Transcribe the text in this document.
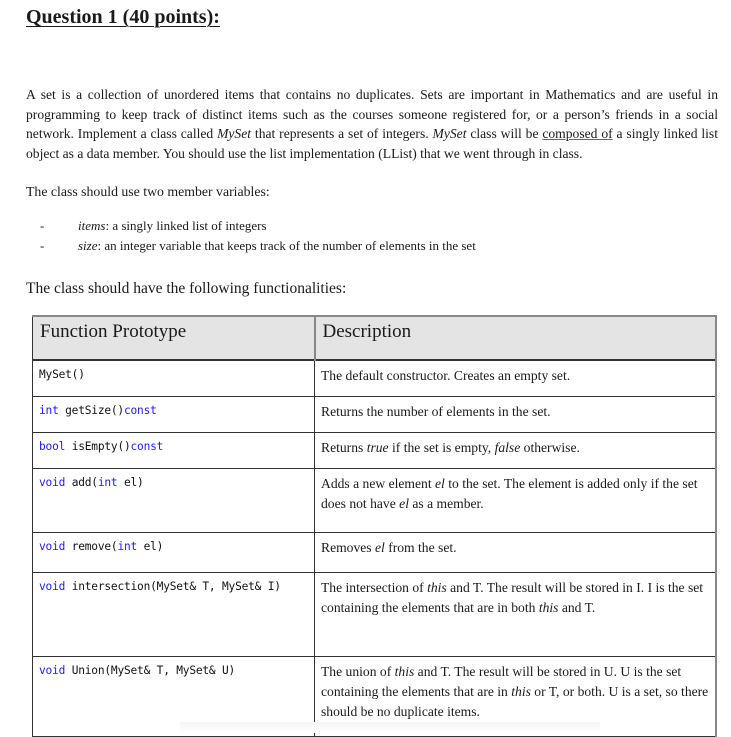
Question 1 (40 points):

A set is a collection of unordered items that contains no duplicates. Sets are important in Mathematics and are useful in programming to keep track of distinct items such as the courses someone registered for, or a person’s friends in a social network. Implement a class called MySet that represents a set of integers. MySet class will be composed of a singly linked list object as a data member. You should use the list implementation (LList) that we went through in class.

The class should use two member variables:

-	items: a singly linked list of integers
-	size: an integer variable that keeps track of the number of elements in the set

The class should have the following functionalities:

Function Prototype	Description
MySet()	The default constructor. Creates an empty set.
int getSize()const	Returns the number of elements in the set.
bool isEmpty()const	Returns true if the set is empty, false otherwise.
void add(int el)	Adds a new element el to the set. The element is added only if the set does not have el as a member.
void remove(int el)	Removes el from the set.
void intersection(MySet& T, MySet& I)	The intersection of this and T. The result will be stored in I. I is the set containing the elements that are in both this and T.
void Union(MySet& T, MySet& U)	The union of this and T. The result will be stored in U. U is the set containing the elements that are in this or T, or both. U is a set, so there should be no duplicate items.
